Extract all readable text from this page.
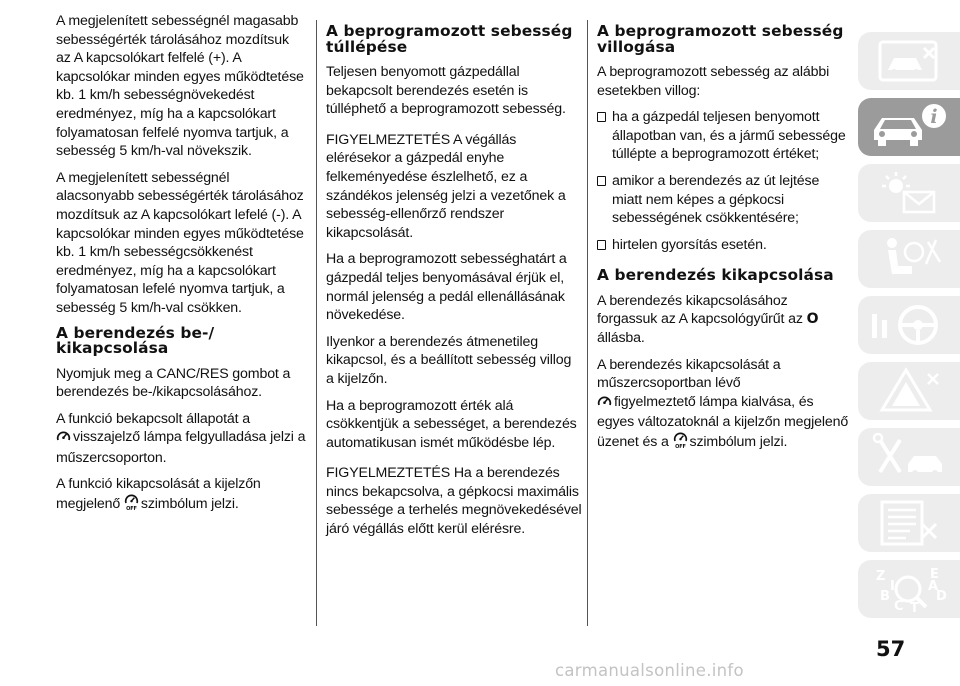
A megjelenített sebességnél magasabb sebességérték tárolásához mozdítsuk az A kapcsolókart felfelé (+). A kapcsolókar minden egyes működtetése kb. 1 km/h sebességnövekedést eredményez, míg ha a kapcsolókart folyamatosan felfelé nyomva tartjuk, a sebesség 5 km/h-val növekszik.

A megjelenített sebességnél alacsonyabb sebességérték tárolásához mozdítsuk az A kapcsolókart lefelé (-). A kapcsolókar minden egyes működtetése kb. 1 km/h sebességcsökkenést eredményez, míg ha a kapcsolókart folyamatosan lefelé nyomva tartjuk, a sebesség 5 km/h-val csökken.

A berendezés be-/ kikapcsolása

Nyomjuk meg a CANC/RES gombot a berendezés be-/kikapcsolásához.

A funkció bekapcsolt állapotát a
visszajelző lámpa felgyulladása jelzi a műszercsoporton.

A funkció kikapcsolását a kijelzőn megjelenő OFF szimbólum jelzi.

A beprogramozott sebesség túllépése

Teljesen benyomott gázpedállal bekapcsolt berendezés esetén is túlléphető a beprogramozott sebesség.

FIGYELMEZTETÉS A végállás elérésekor a gázpedál enyhe felkeményedése észlelhető, ez a szándékos jelenség jelzi a vezetőnek a sebesség-ellenőrző rendszer kikapcsolását.

Ha a beprogramozott sebességhatárt a gázpedál teljes benyomásával érjük el, normál jelenség a pedál ellenállásának növekedése.

Ilyenkor a berendezés átmenetileg kikapcsol, és a beállított sebesség villog a kijelzőn.

Ha a beprogramozott érték alá csökkentjük a sebességet, a berendezés automatikusan ismét működésbe lép.

FIGYELMEZTETÉS Ha a berendezés nincs bekapcsolva, a gépkocsi maximális sebessége a terhelés megnövekedésével járó végállás előtt kerül elérésre.

A beprogramozott sebesség villogása

A beprogramozott sebesség az alábbi esetekben villog:

ha a gázpedál teljesen benyomott állapotban van, és a jármű sebessége túllépte a beprogramozott értéket;
amikor a berendezés az út lejtése miatt nem képes a gépkocsi sebességének csökkentésére;
hirtelen gyorsítás esetén.
A berendezés kikapcsolása

A berendezés kikapcsolásához forgassuk az A kapcsológyűrűt az O állásba.

A berendezés kikapcsolását a műszercsoportban lévő
figyelmeztető lámpa kialvása, és egyes változatoknál a kijelzőn megjelenő üzenet és a OFF szimbólum jelzi.

i
Z	E
B	D
A
C T
I
57
carmanualsonline.info
